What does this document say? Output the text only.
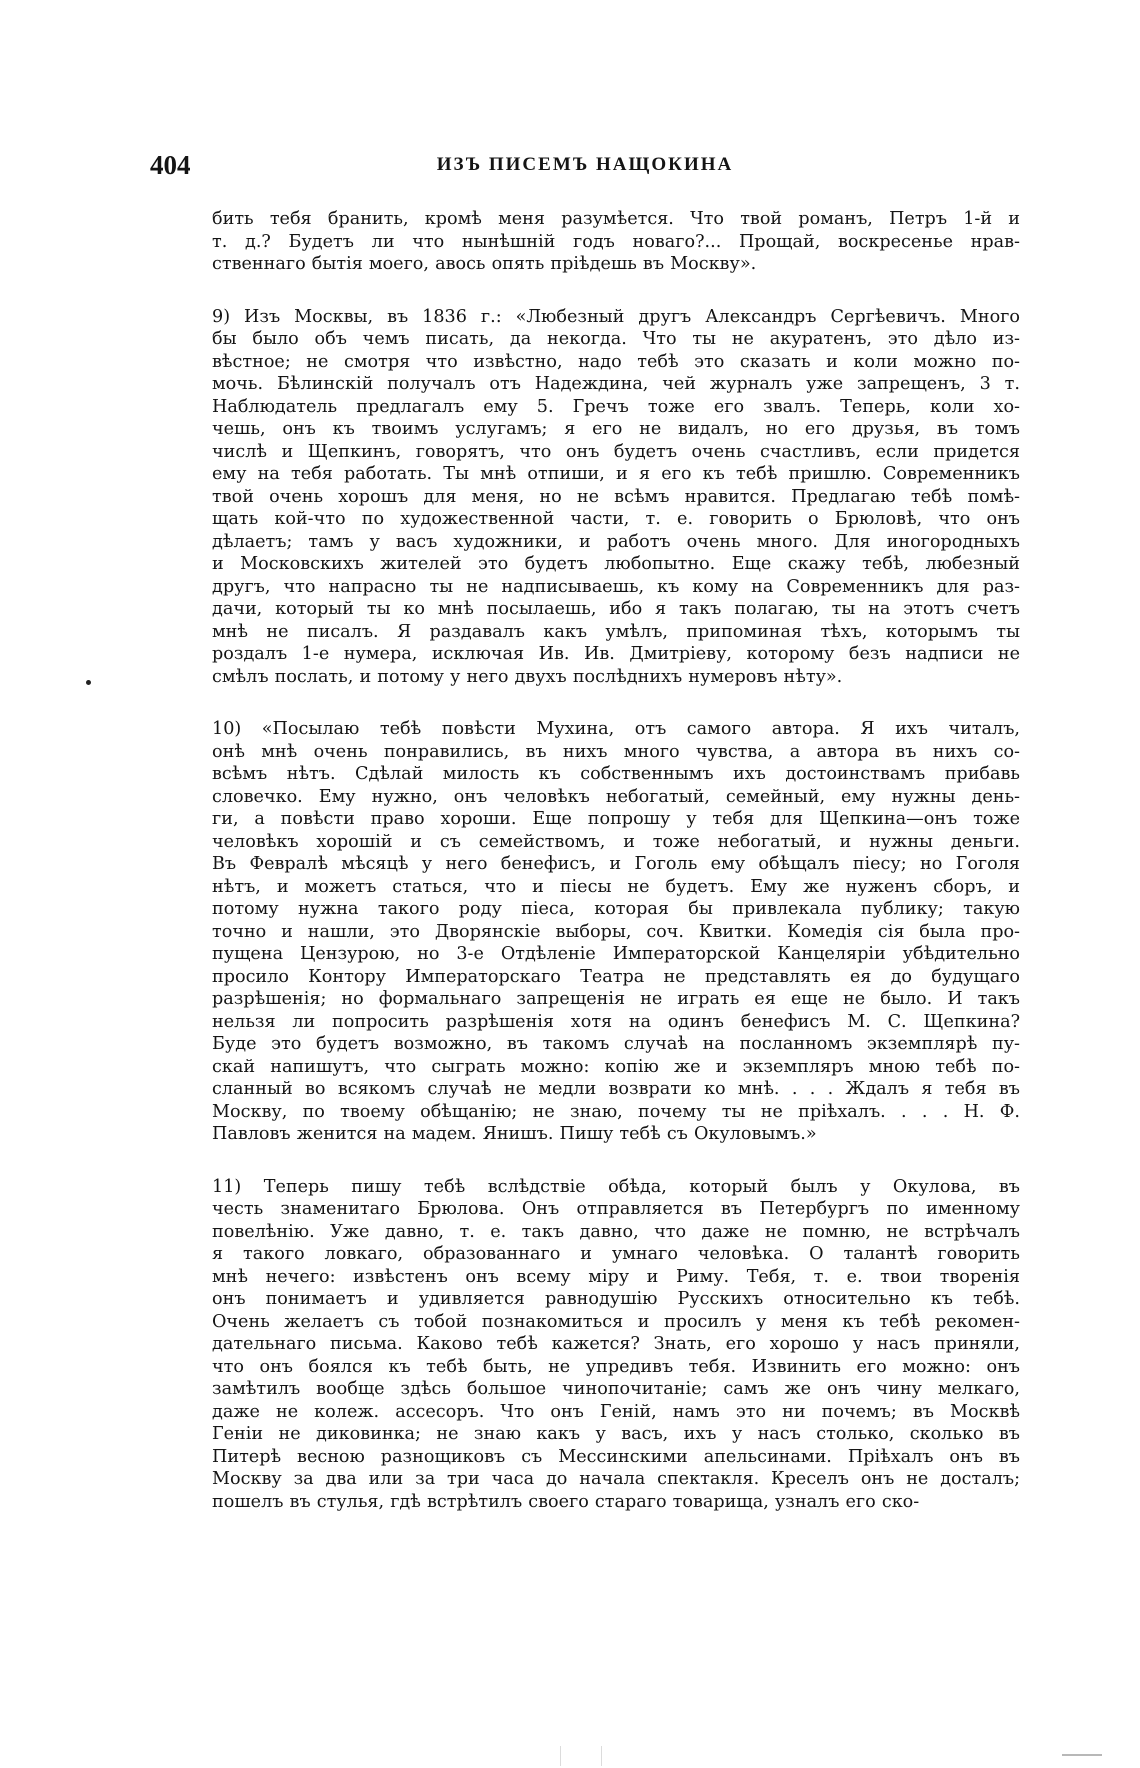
404	ИЗЪ ПИСЕМЪ НАЩОКИНА
бить тебя бранить, кромѣ меня разумѣется. Что твой романъ, Петръ 1-й и
т. д.? Будетъ ли что нынѣшній годъ новаго?... Прощай, воскресенье нрав-
ственнаго бытія моего, авось опять пріѣдешь въ Москву».
9) Изъ Москвы, въ 1836 г.: «Любезный другъ Александръ Сергѣевичъ. Много
бы было объ чемъ писать, да некогда. Что ты не акуратенъ, это дѣло из-
вѣстное; не смотря что извѣстно, надо тебѣ это сказать и коли можно по-
мочь. Бѣлинскій получалъ отъ Надеждина, чей журналъ уже запрещенъ, 3 т.
Наблюдатель предлагалъ ему 5. Гречъ тоже его звалъ. Теперь, коли хо-
чешь, онъ къ твоимъ услугамъ; я его не видалъ, но его друзья, въ томъ
числѣ и Щепкинъ, говорятъ, что онъ будетъ очень счастливъ, если придется
ему на тебя работать. Ты мнѣ отпиши, и я его къ тебѣ пришлю. Современникъ
твой очень хорошъ для меня, но не всѣмъ нравится. Предлагаю тебѣ помѣ-
щать кой-что по художественной части, т. е. говорить о Брюловѣ, что онъ
дѣлаетъ; тамъ у васъ художники, и работъ очень много. Для иногородныхъ
и Московскихъ жителей это будетъ любопытно. Еще скажу тебѣ, любезный
другъ, что напрасно ты не надписываешь, къ кому на Современникъ для раз-
дачи, который ты ко мнѣ посылаешь, ибо я такъ полагаю, ты на этотъ счетъ
мнѣ не писалъ. Я раздавалъ какъ умѣлъ, припоминая тѣхъ, которымъ ты
роздалъ 1-е нумера, исключая Ив. Ив. Дмитріеву, которому безъ надписи не
смѣлъ послать, и потому у него двухъ послѣднихъ нумеровъ нѣту».
10) «Посылаю тебѣ повѣсти Мухина, отъ самого автора. Я ихъ читалъ,
онѣ мнѣ очень понравились, въ нихъ много чувства, а автора въ нихъ со-
всѣмъ нѣтъ. Сдѣлай милость къ собственнымъ ихъ достоинствамъ прибавь
словечко. Ему нужно, онъ человѣкъ небогатый, семейный, ему нужны день-
ги, а повѣсти право хороши. Еще попрошу у тебя для Щепкина—онъ тоже
человѣкъ хорошій и съ семействомъ, и тоже небогатый, и нужны деньги.
Въ Февралѣ мѣсяцѣ у него бенефисъ, и Гоголь ему обѣщалъ піесу; но Гоголя
нѣтъ, и можетъ статься, что и піесы не будетъ. Ему же нуженъ сборъ, и
потому нужна такого роду піеса, которая бы привлекала публику; такую
точно и нашли, это Дворянскіе выборы, соч. Квитки. Комедія сія была про-
пущена Цензурою, но 3-е Отдѣленіе Императорской Канцеляріи убѣдительно
просило Контору Императорскаго Театра не представлять ея до будущаго
разрѣшенія; но формальнаго запрещенія не играть ея еще не было. И такъ
нельзя ли попросить разрѣшенія хотя на одинъ бенефисъ М. С. Щепкина?
Буде это будетъ возможно, въ такомъ случаѣ на посланномъ экземплярѣ пу-
скай напишутъ, что сыграть можно: копію же и экземпляръ мною тебѣ по-
сланный во всякомъ случаѣ не медли возврати ко мнѣ. . . . Ждалъ я тебя въ
Москву, по твоему обѣщанію; не знаю, почему ты не пріѣхалъ. . . . Н. Ф.
Павловъ женится на мадем. Янишъ. Пишу тебѣ съ Окуловымъ.»
11) Теперь пишу тебѣ вслѣдствіе обѣда, который былъ у Окулова, въ
честь знаменитаго Брюлова. Онъ отправляется въ Петербургъ по именному
повелѣнію. Уже давно, т. е. такъ давно, что даже не помню, не встрѣчалъ
я такого ловкаго, образованнаго и умнаго человѣка. О талантѣ говорить
мнѣ нечего: извѣстенъ онъ всему міру и Риму. Тебя, т. е. твои творенія
онъ понимаетъ и удивляется равнодушію Русскихъ относительно къ тебѣ.
Очень желаетъ съ тобой познакомиться и просилъ у меня къ тебѣ рекомен-
дательнаго письма. Каково тебѣ кажется? Знать, его хорошо у насъ приняли,
что онъ боялся къ тебѣ быть, не упредивъ тебя. Извинить его можно: онъ
замѣтилъ вообще здѣсь большое чинопочитаніе; самъ же онъ чину мелкаго,
даже не колеж. ассесоръ. Что онъ Геній, намъ это ни почемъ; въ Москвѣ
Геніи не диковинка; не знаю какъ у васъ, ихъ у насъ столько, сколько въ
Питерѣ весною разнощиковъ съ Мессинскими апельсинами. Пріѣхалъ онъ въ
Москву за два или за три часа до начала спектакля. Креселъ онъ не досталъ;
пошелъ въ стулья, гдѣ встрѣтилъ своего стараго товарища, узналъ его ско-
